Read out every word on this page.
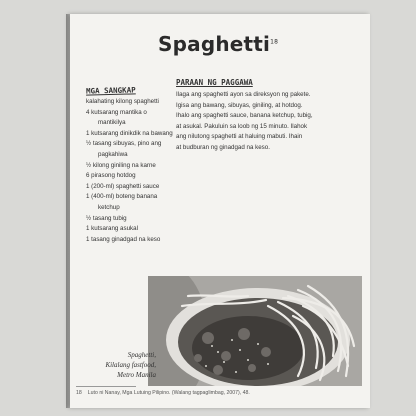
Spaghetti$^{18}$
MGA SANGKAP
kalahating kilong spaghetti
4 kutsarang mantika o
mantikilya
1 kutsarang dinikdik na bawang
½ tasang sibuyas, pino ang
pagkahiwa
½ kilong giniling na karne
6 pirasong hotdog
1 (200-ml) spaghetti sauce
1 (400-ml) boteng banana
ketchup
½ tasang tubig
1 kutsarang asukal
1 tasang ginadgad na keso
PARAAN NG PAGGAWA
Ilaga ang spaghetti ayon sa direksyon ng pakete.
Igisa ang bawang, sibuyas, giniling, at hotdog.
Ihalo ang spaghetti sauce, banana ketchup, tubig,
at asukal. Pakuluin sa loob ng 15 minuto. Ilahok
ang nilutong spaghetti at haluing mabuti. Ihain
at budburan ng ginadgad na keso.
Spaghetti,
Kilalang fastfood,
Metro Manila
18 Luto ni Nanay, Mga Lutuing Pilipino. (Walang tagpaglimbag, 2007), 48.
